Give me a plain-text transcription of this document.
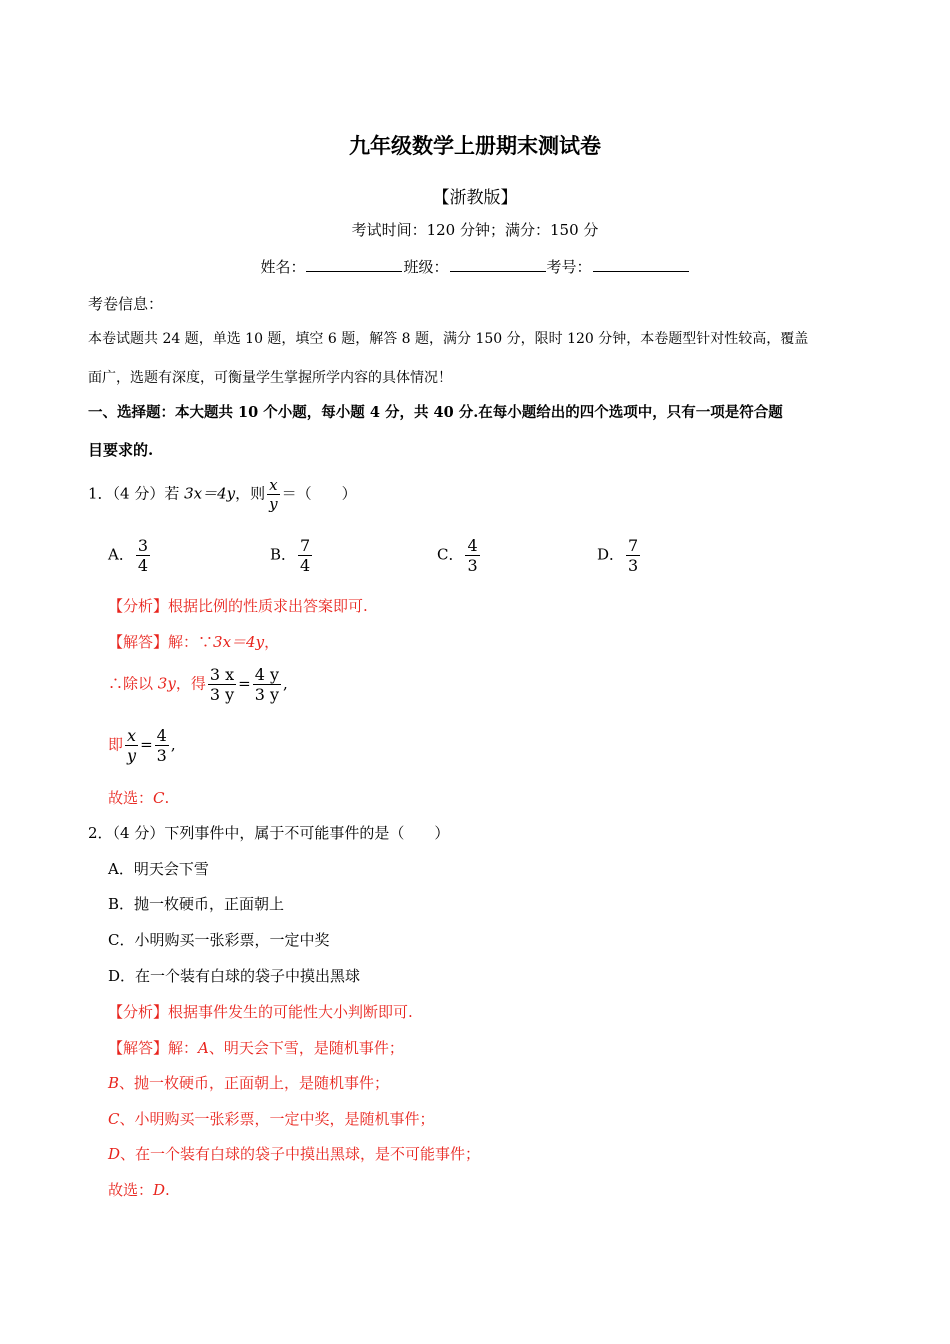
九年级数学上册期末测试卷
【浙教版】
考试时间：120 分钟；满分：150 分
姓名：	班级：	考号：
考卷信息：
本卷试题共 24 题，单选 10 题，填空 6 题，解答 8 题，满分 150 分，限时 120 分钟，本卷题型针对性较高，覆盖
面广，选题有深度，可衡量学生掌握所学内容的具体情况！
一、选择题：本大题共 10 个小题，每小题 4 分，共 40 分.在每小题给出的四个选项中，只有一项是符合题
目要求的.
1．（4 分）若 3x＝4y，则 $\frac{x}{y}$ ＝（　　）
A． $\frac{3}{4}$	B． $\frac{7}{4}$	C． $\frac{4}{3}$	D． $\frac{7}{3}$
【分析】根据比例的性质求出答案即可.
【解答】解：∵3x＝4y，
∴除以 3y，得 $\frac{3 x}{3 y} = \frac{4 y}{3 y}$ ,
即 $\frac{x}{y} = \frac{4}{3}$ ,
故选：C.
2．（4 分）下列事件中，属于不可能事件的是（　　）
A．明天会下雪
B．抛一枚硬币，正面朝上
C．小明购买一张彩票，一定中奖
D．在一个装有白球的袋子中摸出黑球
【分析】根据事件发生的可能性大小判断即可.
【解答】解：A、明天会下雪，是随机事件；
B、抛一枚硬币，正面朝上，是随机事件；
C、小明购买一张彩票，一定中奖，是随机事件；
D、在一个装有白球的袋子中摸出黑球，是不可能事件；
故选：D.
